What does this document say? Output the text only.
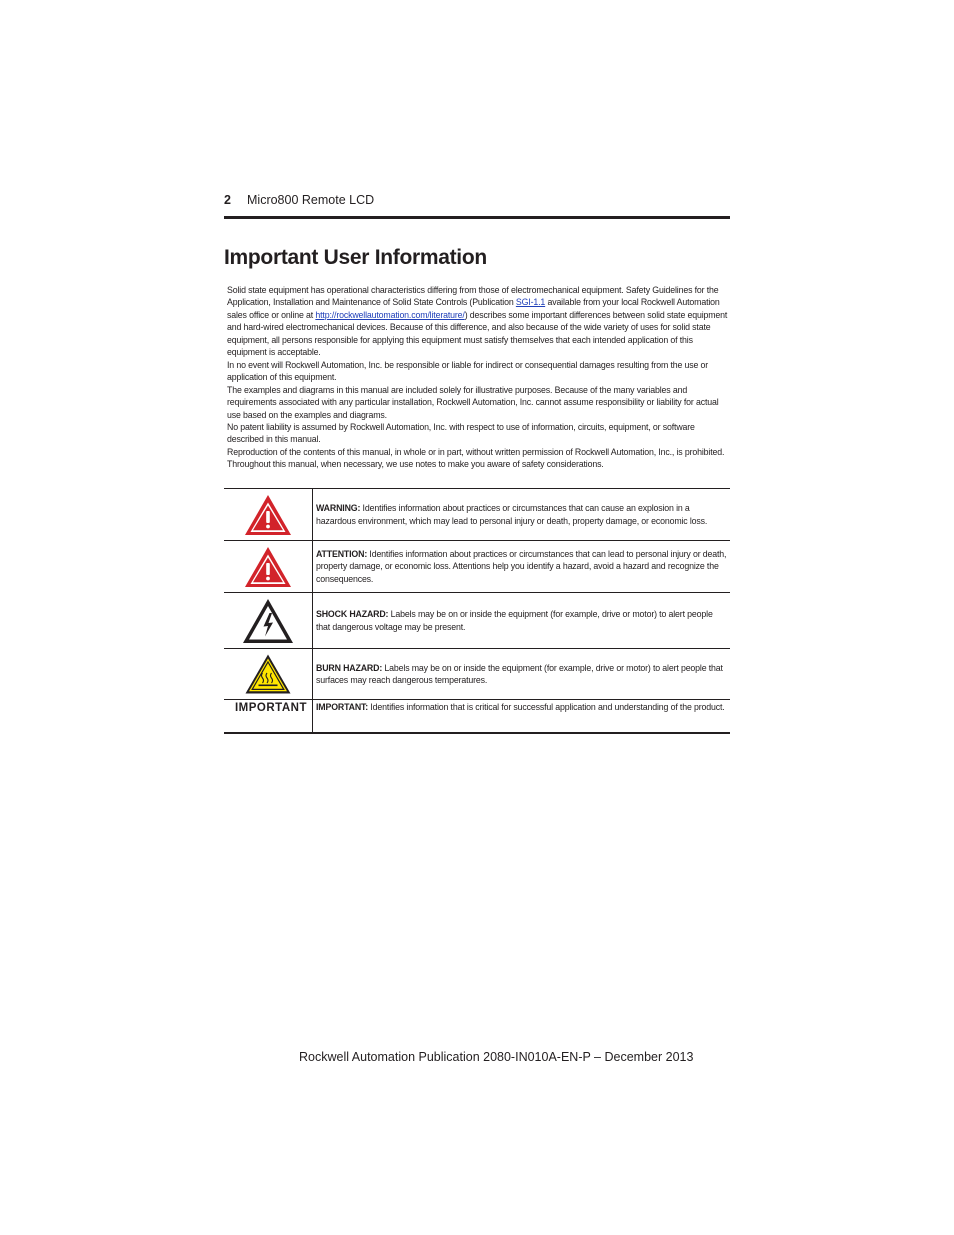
2 Micro800 Remote LCD
Important User Information

Solid state equipment has operational characteristics differing from those of electromechanical equipment. Safety Guidelines for the Application, Installation and Maintenance of Solid State Controls (Publication SGI-1.1 available from your local Rockwell Automation sales office or online at http://rockwellautomation.com/literature/) describes some important differences between solid state equipment and hard-wired electromechanical devices. Because of this difference, and also because of the wide variety of uses for solid state equipment, all persons responsible for applying this equipment must satisfy themselves that each intended application of this equipment is acceptable.

In no event will Rockwell Automation, Inc. be responsible or liable for indirect or consequential damages resulting from the use or application of this equipment.

The examples and diagrams in this manual are included solely for illustrative purposes. Because of the many variables and requirements associated with any particular installation, Rockwell Automation, Inc. cannot assume responsibility or liability for actual use based on the examples and diagrams.

No patent liability is assumed by Rockwell Automation, Inc. with respect to use of information, circuits, equipment, or software described in this manual.

Reproduction of the contents of this manual, in whole or in part, without written permission of Rockwell Automation, Inc., is prohibited.

Throughout this manual, when necessary, we use notes to make you aware of safety considerations.

	WARNING: Identifies information about practices or circumstances that can cause an explosion in a hazardous environment, which may lead to personal injury or death, property damage, or economic loss.

	ATTENTION: Identifies information about practices or circumstances that can lead to personal injury or death, property damage, or economic loss. Attentions help you identify a hazard, avoid a hazard and recognize the consequences.

	SHOCK HAZARD: Labels may be on or inside the equipment (for example, drive or motor) to alert people that dangerous voltage may be present.

	BURN HAZARD: Labels may be on or inside the equipment (for example, drive or motor) to alert people that surfaces may reach dangerous temperatures.

IMPORTANT	IMPORTANT: Identifies information that is critical for successful application and understanding of the product.
Rockwell Automation Publication 2080-IN010A-EN-P – December 2013
